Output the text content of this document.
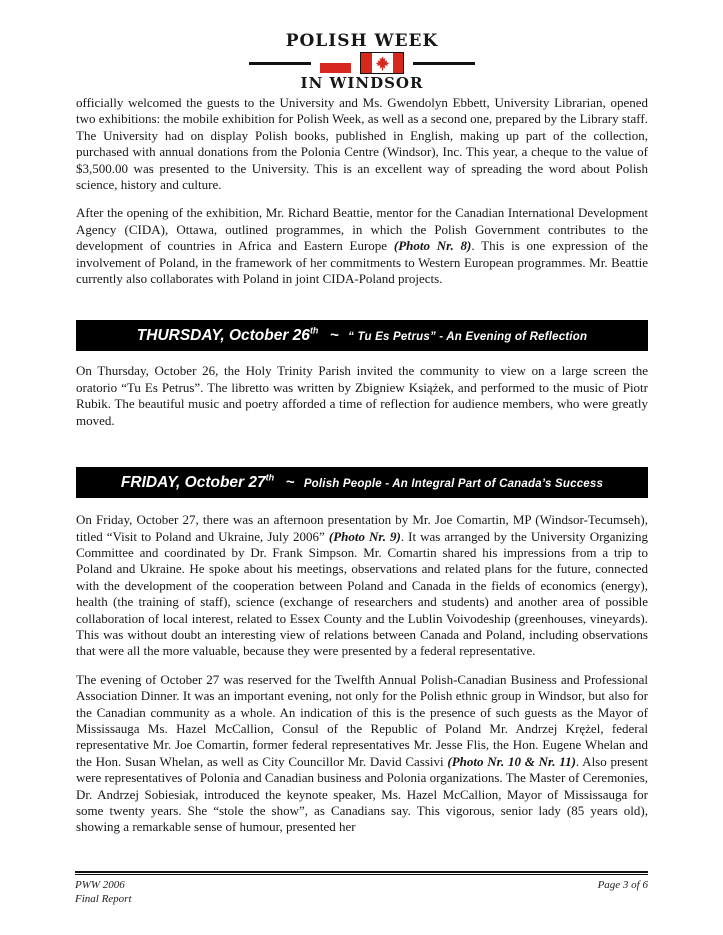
POLISH WEEK
IN WINDSOR

officially welcomed the guests to the University and Ms. Gwendolyn Ebbett, University Librarian, opened two exhibitions: the mobile exhibition for Polish Week, as well as a second one, prepared by the Library staff. The University had on display Polish books, published in English, making up part of the collection, purchased with annual donations from the Polonia Centre (Windsor), Inc. This year, a cheque to the value of $3,500.00 was presented to the University. This is an excellent way of spreading the word about Polish science, history and culture.

After the opening of the exhibition, Mr. Richard Beattie, mentor for the Canadian International Development Agency (CIDA), Ottawa, outlined programmes, in which the Polish Government contributes to the development of countries in Africa and Eastern Europe (Photo Nr. 8). This is one expression of the involvement of Poland, in the framework of her commitments to Western European programmes. Mr. Beattie currently also collaborates with Poland in joint CIDA-Poland projects.

THURSDAY, October 26th ~ “ Tu Es Petrus” - An Evening of Reflection

On Thursday, October 26, the Holy Trinity Parish invited the community to view on a large screen the oratorio “Tu Es Petrus”. The libretto was written by Zbigniew Książek, and performed to the music of Piotr Rubik. The beautiful music and poetry afforded a time of reflection for audience members, who were greatly moved.

FRIDAY, October 27th ~ Polish People - An Integral Part of Canada’s Success

On Friday, October 27, there was an afternoon presentation by Mr. Joe Comartin, MP (Windsor-Tecumseh), titled “Visit to Poland and Ukraine, July 2006” (Photo Nr. 9). It was arranged by the University Organizing Committee and coordinated by Dr. Frank Simpson. Mr. Comartin shared his impressions from a trip to Poland and Ukraine. He spoke about his meetings, observations and related plans for the future, connected with the development of the cooperation between Poland and Canada in the fields of economics (energy), health (the training of staff), science (exchange of researchers and students) and another area of possible collaboration of local interest, related to Essex County and the Lublin Voivodeship (greenhouses, vineyards). This was without doubt an interesting view of relations between Canada and Poland, including observations that were all the more valuable, because they were presented by a federal representative.

The evening of October 27 was reserved for the Twelfth Annual Polish-Canadian Business and Professional Association Dinner. It was an important evening, not only for the Polish ethnic group in Windsor, but also for the Canadian community as a whole. An indication of this is the presence of such guests as the Mayor of Mississauga Ms. Hazel McCallion, Consul of the Republic of Poland Mr. Andrzej Krężel, federal representative Mr. Joe Comartin, former federal representatives Mr. Jesse Flis, the Hon. Eugene Whelan and the Hon. Susan Whelan, as well as City Councillor Mr. David Cassivi (Photo Nr. 10 & Nr. 11). Also present were representatives of Polonia and Canadian business and Polonia organizations. The Master of Ceremonies, Dr. Andrzej Sobiesiak, introduced the keynote speaker, Ms. Hazel McCallion, Mayor of Mississauga for some twenty years. She “stole the show”, as Canadians say. This vigorous, senior lady (85 years old), showing a remarkable sense of humour, presented her

PWW 2006
Final Report
Page 3 of 6
